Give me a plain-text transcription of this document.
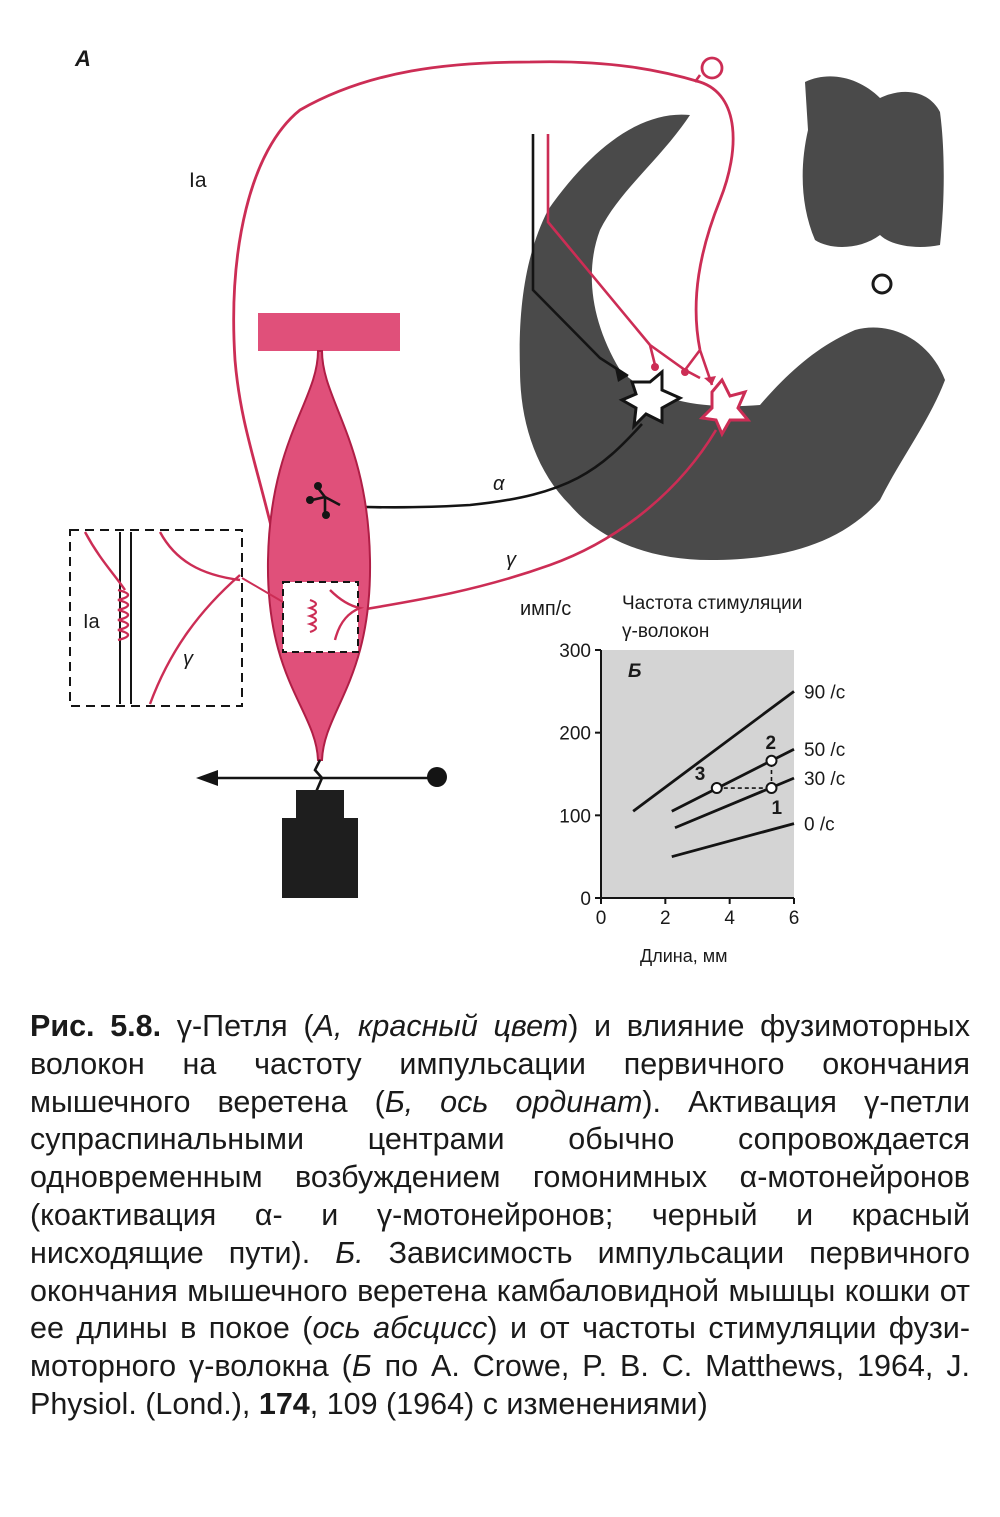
А
Ia
α
γ
Ia
γ
Б
имп/с
Длина, мм
Частота стимуляции
γ-волокон
0
100
200
300
0	2	4	6
90 /с
50 /с
30 /с
0 /с
1
2
3
Рис. 5.8. γ-Петля (А, красный цвет) и влияние фузимоторных волокон на частоту импульсации первичного окончания мышечного веретена (Б, ось ординат). Активация γ-петли супраспинальными центрами обычно сопровождается одновременным возбуждением гомонимных α-мотонейронов (коактивация α- и γ-мотонейронов; черный и красный нисходящие пути). Б. Зависимость импульсации первичного окончания мышечного веретена камбаловидной мышцы кошки от ее длины в покое (ось абсцисс) и от частоты стимуляции фузимоторного γ-волокна (Б по A. Crowe, P. B. C. Matthews, 1964, J. Physiol. (Lond.), 174, 109 (1964) с изменениями)
